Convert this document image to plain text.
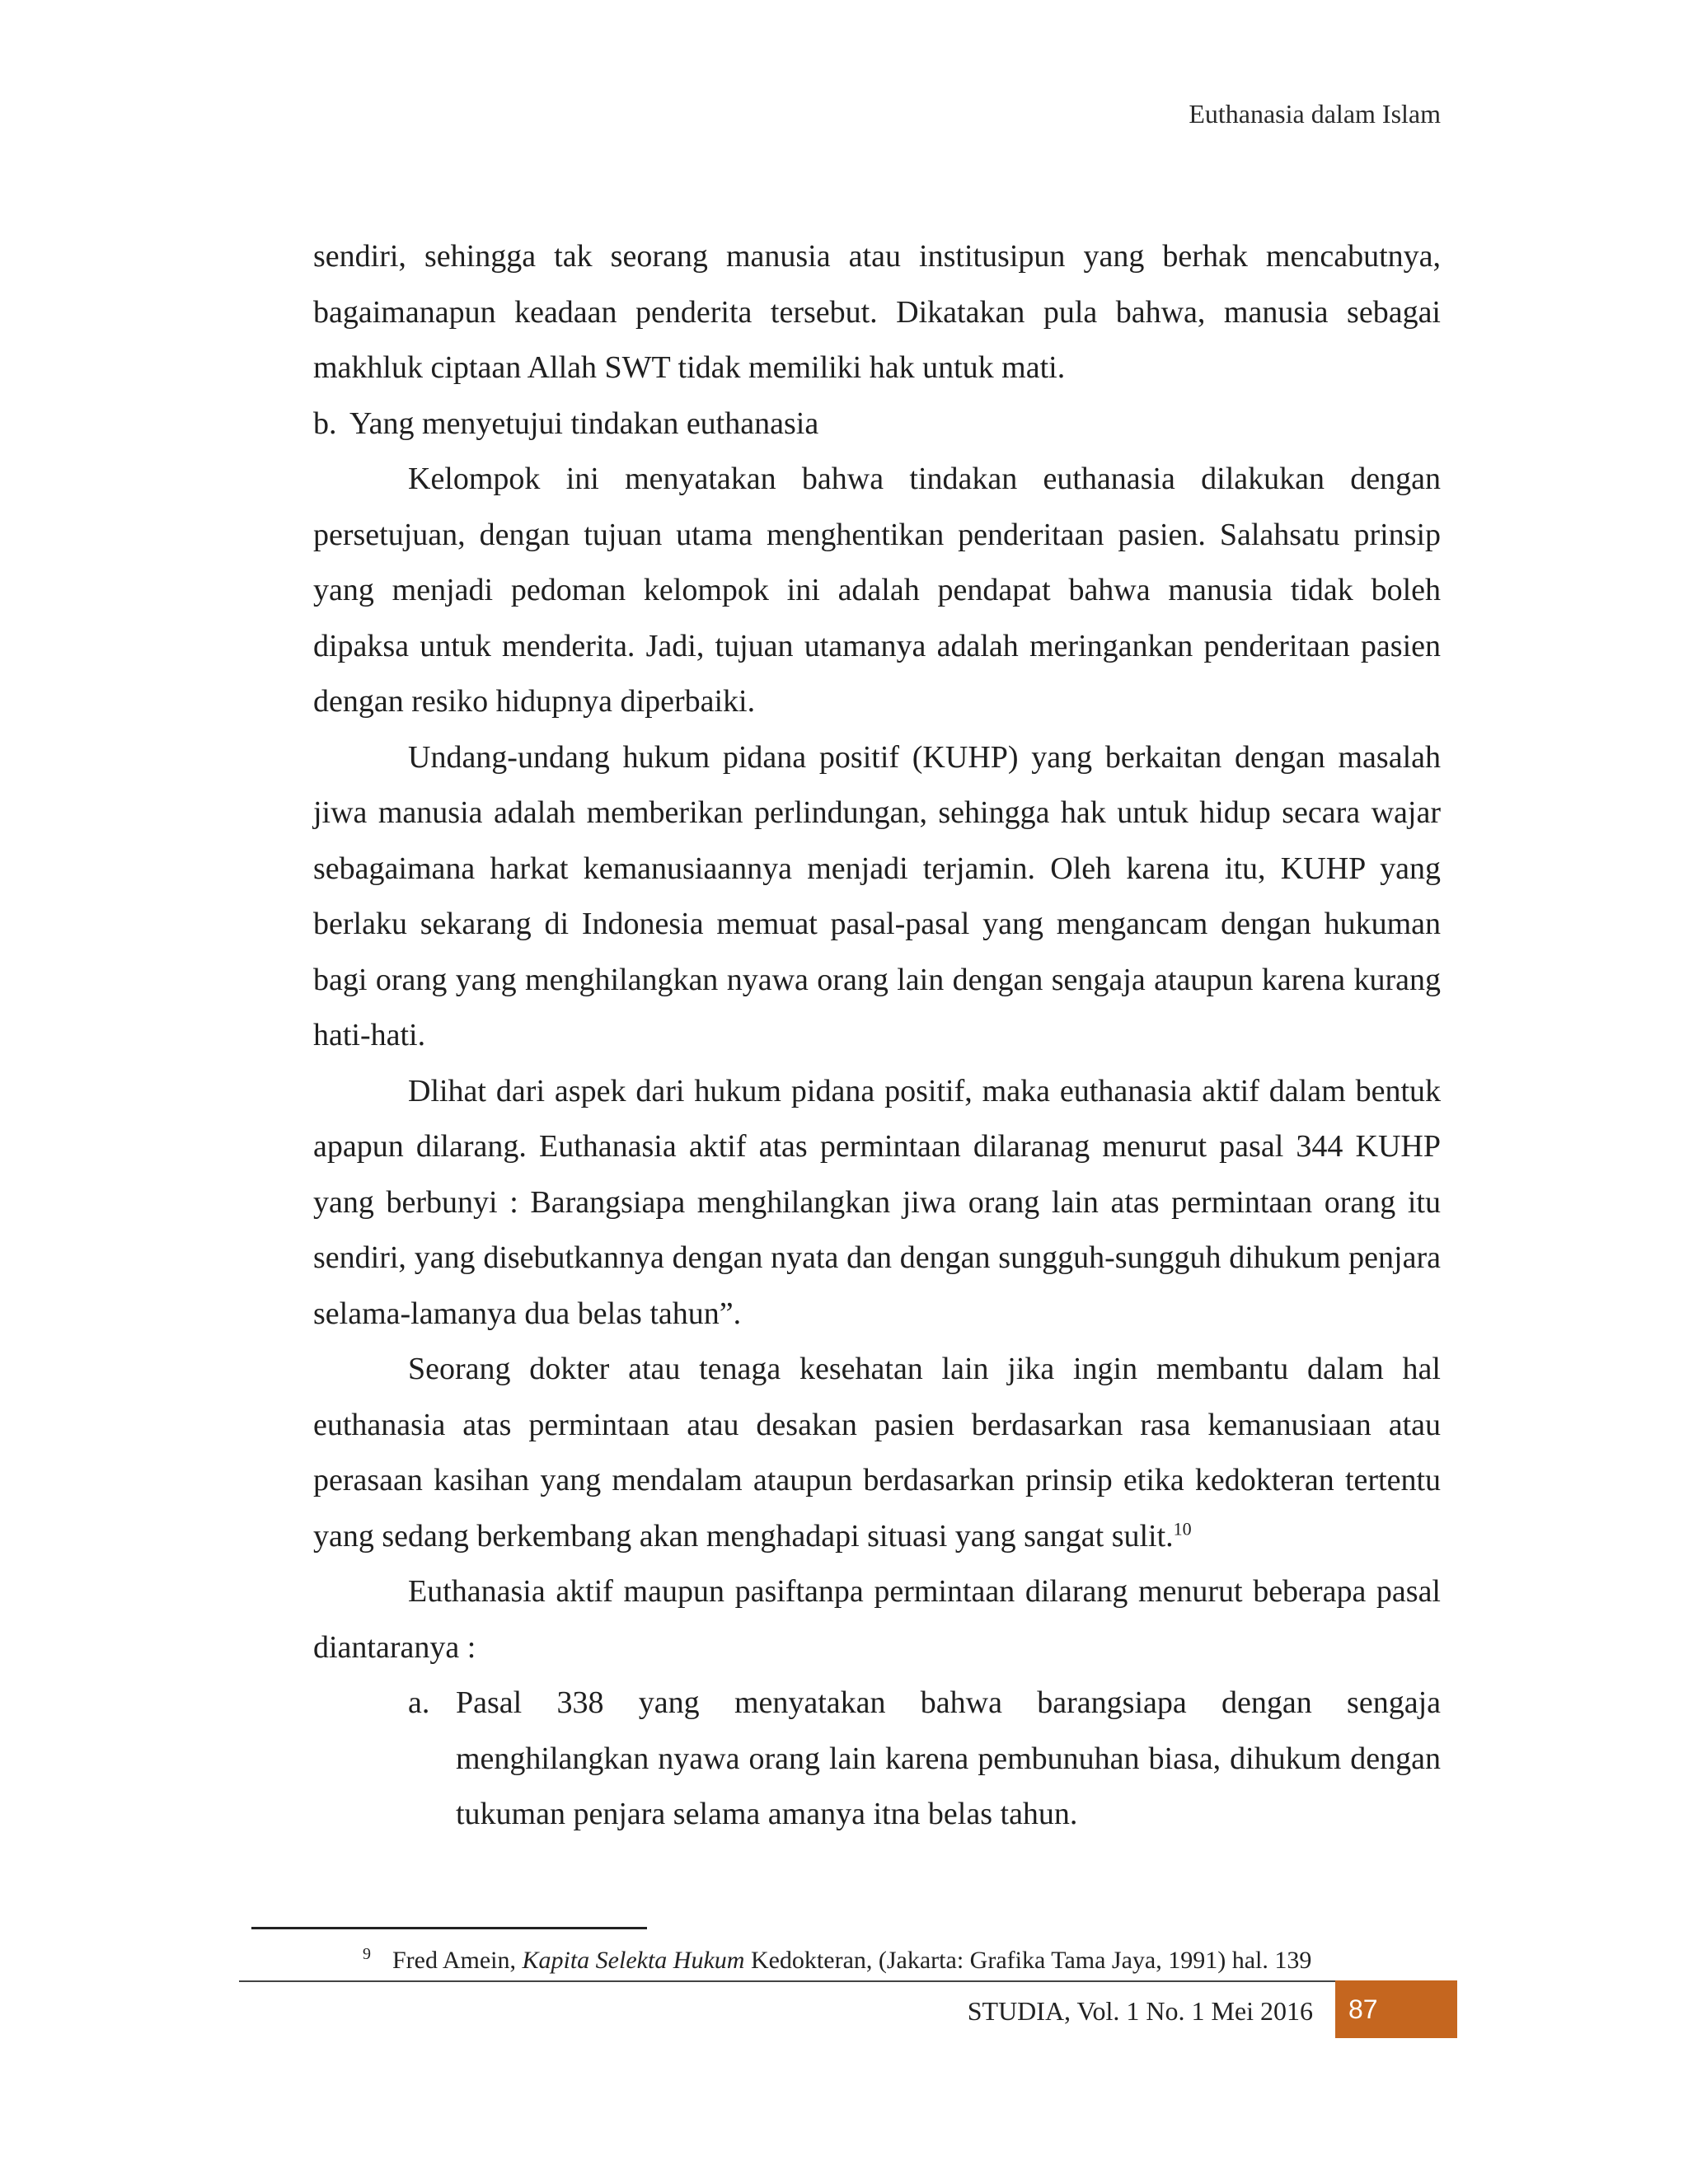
Euthanasia dalam Islam

sendiri, sehingga tak seorang manusia atau institusipun yang berhak mencabutnya, bagaimanapun keadaan penderita tersebut. Dikatakan pula bahwa, manusia sebagai makhluk ciptaan Allah SWT tidak memiliki hak untuk mati.

b. Yang menyetujui tindakan euthanasia

Kelompok ini menyatakan bahwa tindakan euthanasia dilakukan dengan persetujuan, dengan tujuan utama menghentikan penderitaan pasien. Salahsatu prinsip yang menjadi pedoman kelompok ini adalah pendapat bahwa manusia tidak boleh dipaksa untuk menderita. Jadi, tujuan utamanya adalah meringankan penderitaan pasien dengan resiko hidupnya diperbaiki.

Undang-undang hukum pidana positif (KUHP) yang berkaitan dengan masalah jiwa manusia adalah memberikan perlindungan, sehingga hak untuk hidup secara wajar sebagaimana harkat kemanusiaannya menjadi terjamin. Oleh karena itu, KUHP yang berlaku sekarang di Indonesia memuat pasal-pasal yang mengancam dengan hukuman bagi orang yang menghilangkan nyawa orang lain dengan sengaja ataupun karena kurang hati-hati.

Dlihat dari aspek dari hukum pidana positif, maka euthanasia aktif dalam bentuk apapun dilarang. Euthanasia aktif atas permintaan dilaranag menurut pasal 344 KUHP yang berbunyi : Barangsiapa menghilangkan jiwa orang lain atas permintaan orang itu sendiri, yang disebutkannya dengan nyata dan dengan sungguh-sungguh dihukum penjara selama-lamanya dua belas tahun”.

Seorang dokter atau tenaga kesehatan lain jika ingin membantu dalam hal euthanasia atas permintaan atau desakan pasien berdasarkan rasa kemanusiaan atau perasaan kasihan yang mendalam ataupun berdasarkan prinsip etika kedokteran tertentu yang sedang berkembang akan menghadapi situasi yang sangat sulit.$^{10}$

Euthanasia aktif maupun pasiftanpa permintaan dilarang menurut beberapa pasal diantaranya :

a. Pasal 338 yang menyatakan bahwa barangsiapa dengan sengaja menghilangkan nyawa orang lain karena pembunuhan biasa, dihukum dengan tukuman penjara selama amanya itna belas tahun.
$^9$ Fred Amein, Kapita Selekta Hukum Kedokteran, (Jakarta: Grafika Tama Jaya, 1991) hal. 139
STUDIA, Vol. 1 No. 1 Mei 2016	87
